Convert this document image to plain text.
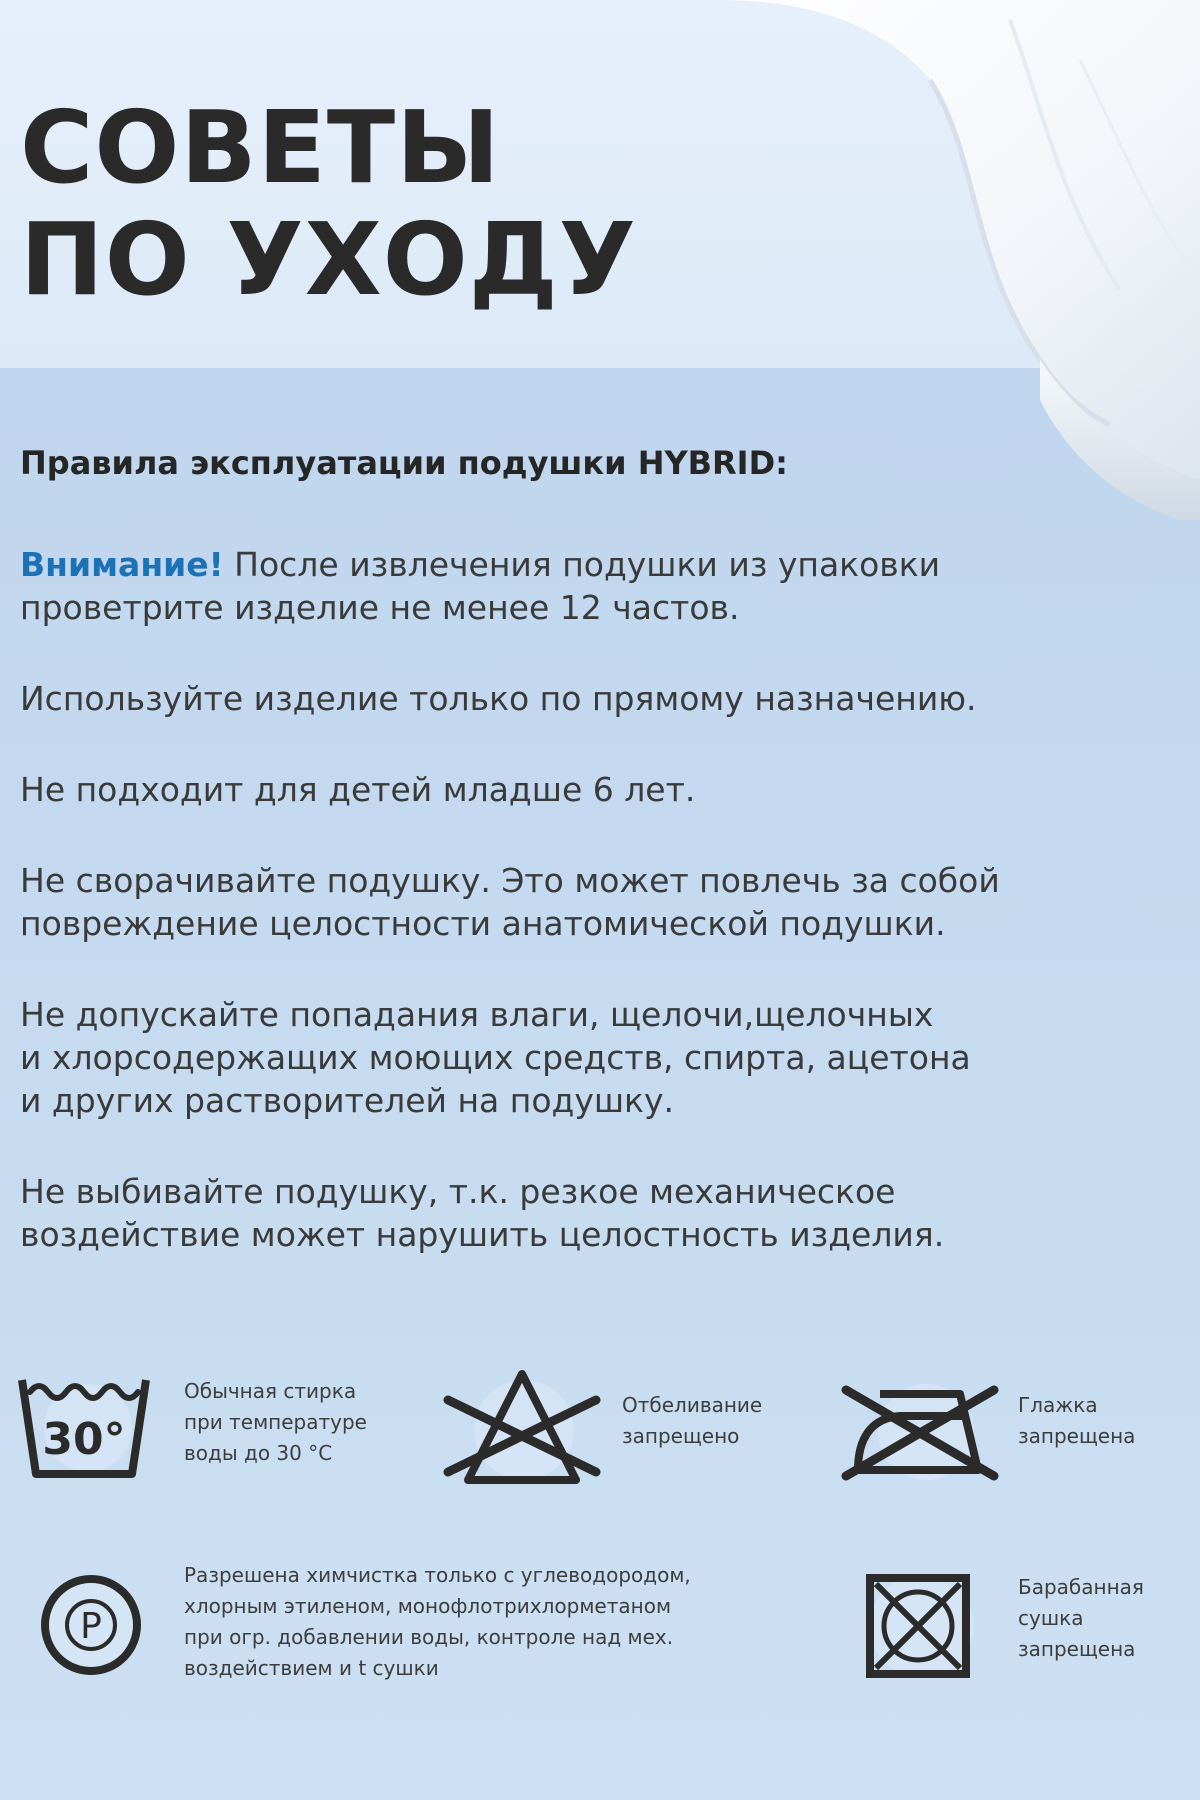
СОВЕТЫ
ПО УХОДУ
Правила эксплуатации подушки HYBRID:
Внимание! После извлечения подушки из упаковки
проветрите изделие не менее 12 частов.
Используйте изделие только по прямому назначению.
Не подходит для детей младше 6 лет.
Не сворачивайте подушку. Это может повлечь за собой
повреждение целостности анатомической подушки.
Не допускайте попадания влаги, щелочи,щелочных
и хлорсодержащих моющих средств, спирта, ацетона
и других растворителей на подушку.
Не выбивайте подушку, т.к. резкое механическое
воздействие может нарушить целостность изделия.
30°
Обычная стирка
при температуре
воды до 30 °C
Отбеливание
запрещено
Глажка
запрещена
P
Разрешена химчистка только с углеводородом,
хлорным этиленом, монофлотрихлорметаном
при огр. добавлении воды, контроле над мех.
воздействием и t сушки
Барабанная
сушка
запрещена
